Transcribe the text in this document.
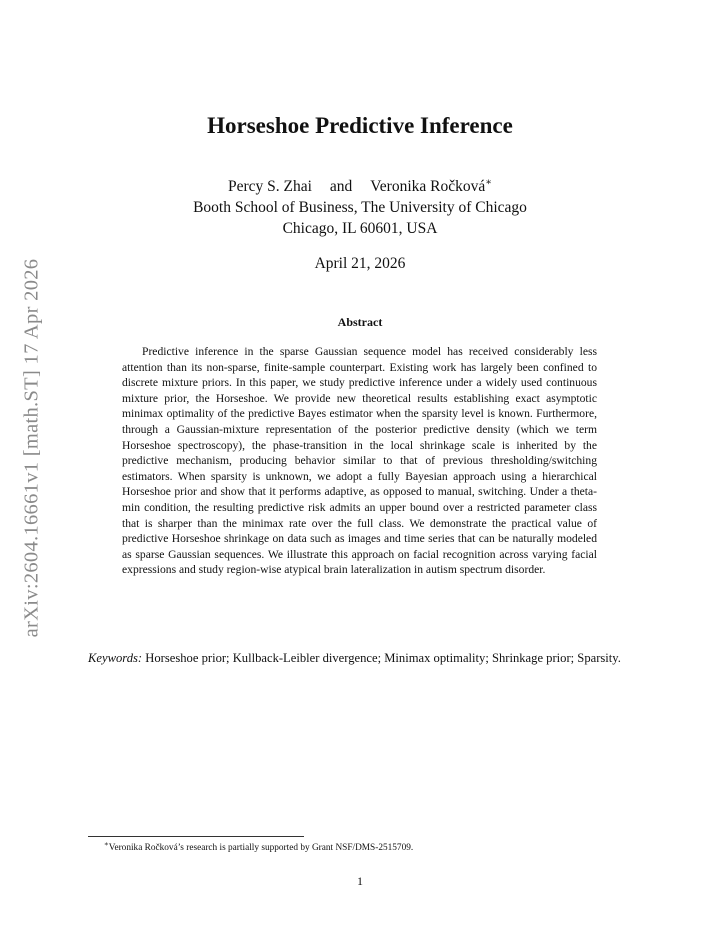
arXiv:2604.16661v1 [math.ST] 17 Apr 2026
Horseshoe Predictive Inference
Percy S. Zhai and Veronika Ročková∗
Booth School of Business, The University of Chicago
Chicago, IL 60601, USA
April 21, 2026
Abstract

Predictive inference in the sparse Gaussian sequence model has received considerably less attention than its non-sparse, finite-sample counterpart. Existing work has largely been confined to discrete mixture priors. In this paper, we study predictive inference under a widely used continuous mixture prior, the Horseshoe. We provide new theoretical results establishing exact asymptotic minimax optimality of the predictive Bayes estimator when the sparsity level is known. Furthermore, through a Gaussian-mixture representation of the posterior predictive density (which we term Horseshoe spectroscopy), the phase-transition in the local shrinkage scale is inherited by the predictive mechanism, producing behavior similar to that of previous thresholding/switching estimators. When sparsity is unknown, we adopt a fully Bayesian approach using a hierarchical Horseshoe prior and show that it performs adaptive, as opposed to manual, switching. Under a theta-min condition, the resulting predictive risk admits an upper bound over a restricted parameter class that is sharper than the minimax rate over the full class. We demonstrate the practical value of predictive Horseshoe shrinkage on data such as images and time series that can be naturally modeled as sparse Gaussian sequences. We illustrate this approach on facial recognition across varying facial expressions and study region-wise atypical brain lateralization in autism spectrum disorder.

Keywords: Horseshoe prior; Kullback-Leibler divergence; Minimax optimality; Shrinkage prior; Sparsity.

∗Veronika Ročková’s research is partially supported by Grant NSF/DMS-2515709.
1
